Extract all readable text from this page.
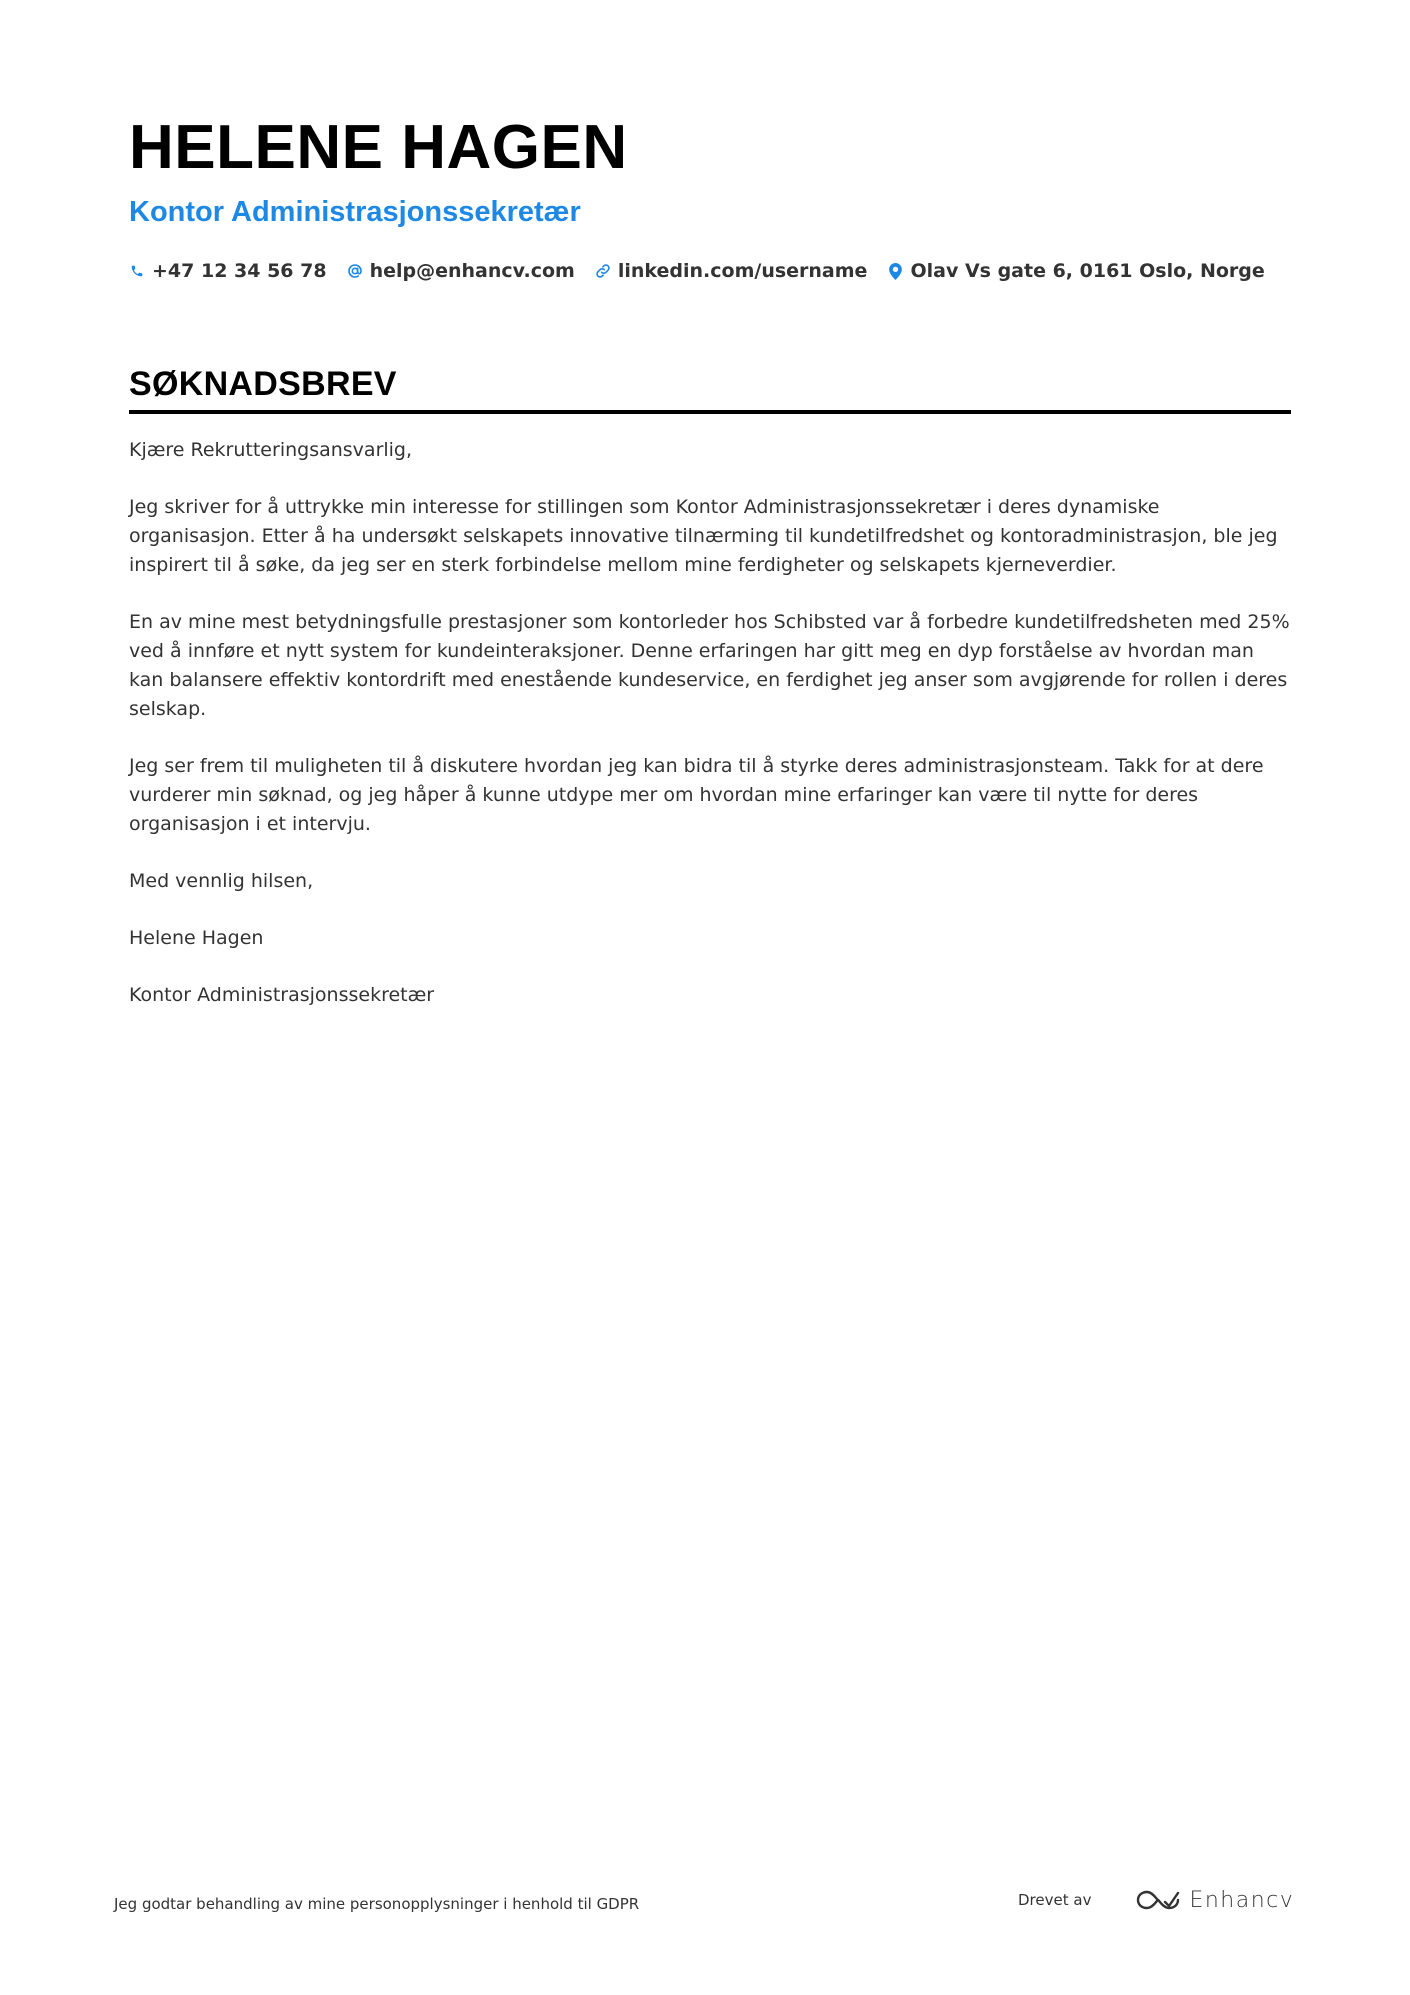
HELENE HAGEN
Kontor Administrasjonssekretær
+47 12 34 56 78 help@enhancv.com linkedin.com/username Olav Vs gate 6, 0161 Oslo, Norge
SØKNADSBREV

Kjære Rekrutteringsansvarlig,

Jeg skriver for å uttrykke min interesse for stillingen som Kontor Administrasjonssekretær i deres dynamiske organisasjon. Etter å ha undersøkt selskapets innovative tilnærming til kundetilfredshet og kontoradministrasjon, ble jeg inspirert til å søke, da jeg ser en sterk forbindelse mellom mine ferdigheter og selskapets kjerneverdier.

En av mine mest betydningsfulle prestasjoner som kontorleder hos Schibsted var å forbedre kundetilfredsheten med 25% ved å innføre et nytt system for kundeinteraksjoner. Denne erfaringen har gitt meg en dyp forståelse av hvordan man kan balansere effektiv kontordrift med enestående kundeservice, en ferdighet jeg anser som avgjørende for rollen i deres selskap.

Jeg ser frem til muligheten til å diskutere hvordan jeg kan bidra til å styrke deres administrasjonsteam. Takk for at dere vurderer min søknad, og jeg håper å kunne utdype mer om hvordan mine erfaringer kan være til nytte for deres organisasjon i et intervju.

Med vennlig hilsen,

Helene Hagen

Kontor Administrasjonssekretær

Jeg godtar behandling av mine personopplysninger i henhold til GDPR	Drevet av	Enhancv
